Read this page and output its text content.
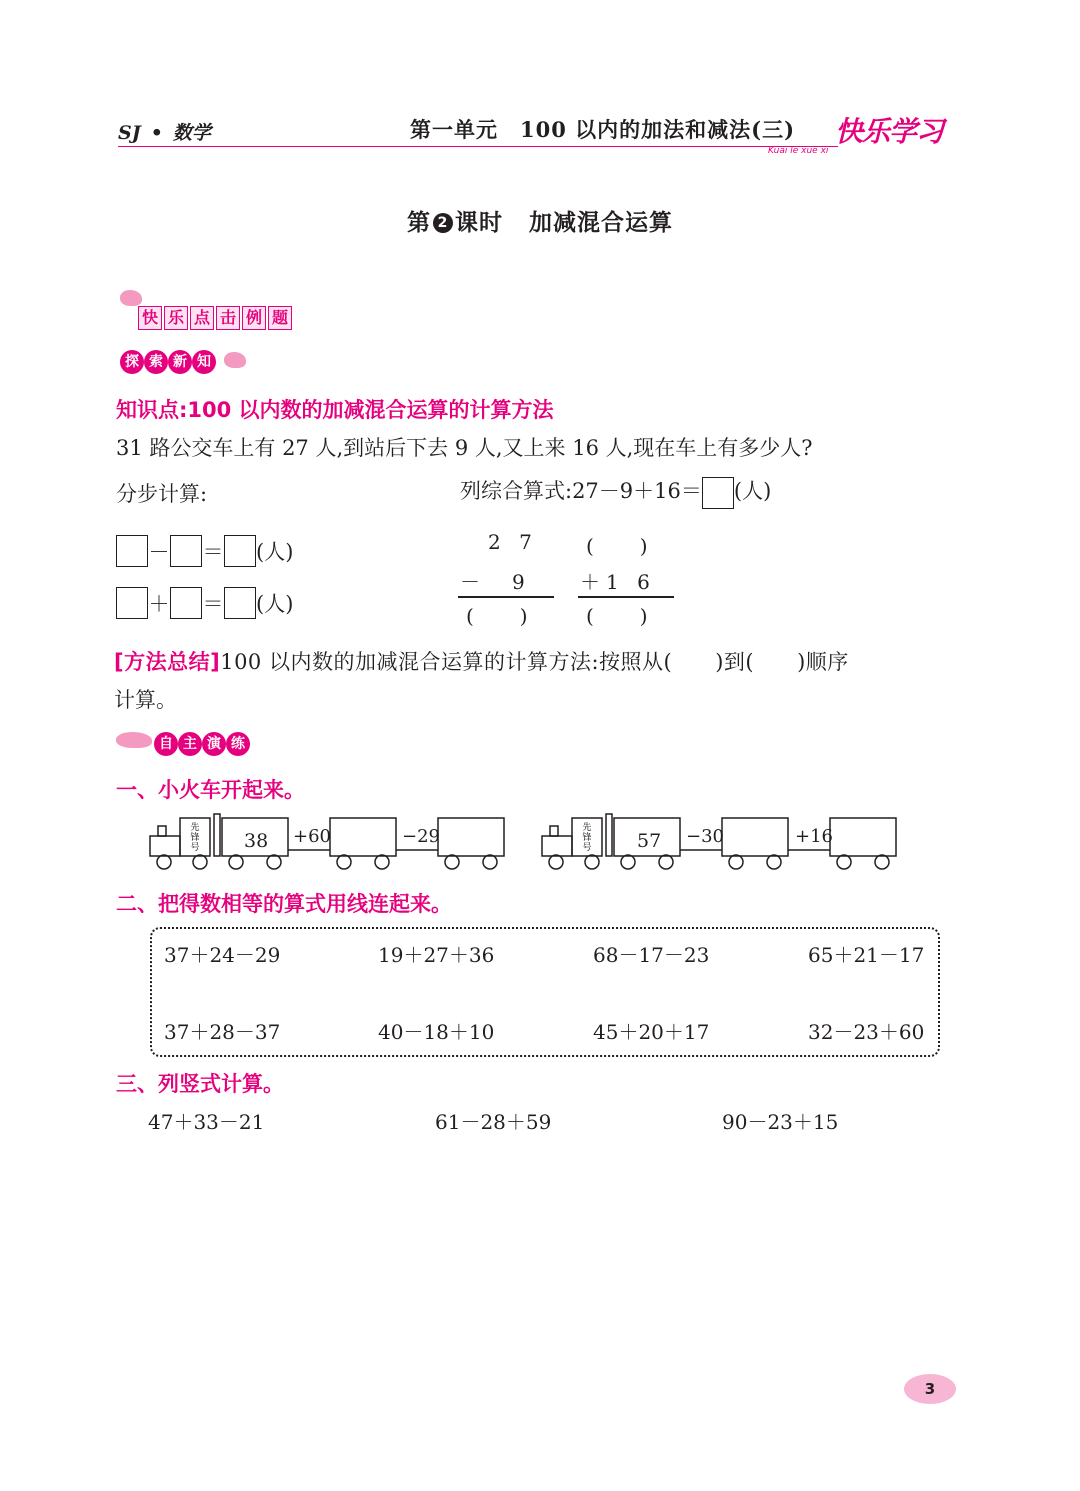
SJ • 数学	第一单元　100 以内的加法和减法(三) 快乐学习
Kuai le xue xi
第 2 课时 加减混合运算
快 乐 点 击 例 题
探 索 新 知
知识点:100 以内数的加减混合运算的计算方法
31 路公交车上有 27 人,到站后下去 9 人,又上来 16 人,现在车上有多少人?
分步计算:	列综合算式:27－9＋16＝ (人)
－ ＝ (人)
＋ ＝ (人)
2 7
－　9
(　　)
(　　)
＋1 6
(　　)
[方法总结]100 以内数的加减混合运算的计算方法:按照从(　　)到(　　)顺序
计算。
自 主 演 练
一、小火车开起来。
先锋号 38 +60	−29	先锋号 57 −30	+16
二、把得数相等的算式用线连起来。
37＋24－29	19＋27＋36	68－17－23	65＋21－17
37＋28－37	40－18＋10	45＋20＋17	32－23＋60
三、列竖式计算。
47＋33－21	61－28＋59	90－23＋15
3
